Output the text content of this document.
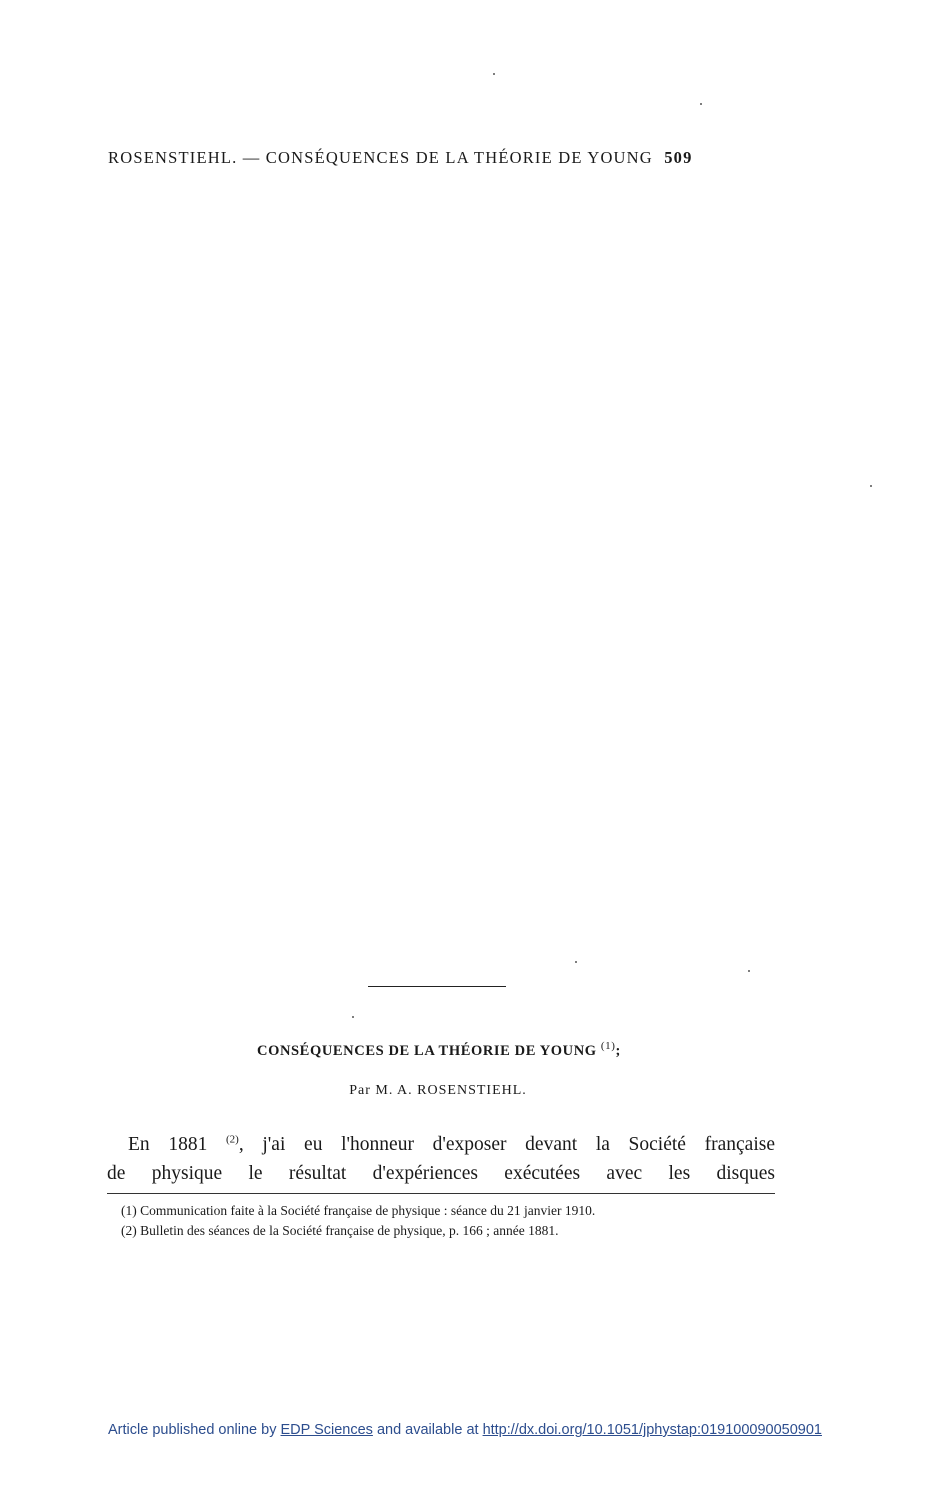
ROSENSTIEHL. — CONSÉQUENCES DE LA THÉORIE DE YOUNG 509
CONSÉQUENCES DE LA THÉORIE DE YOUNG $^{(1)}$;
Par M. A. ROSENSTIEHL.
En 1881 $^{(2)}$, j'ai eu l'honneur d'exposer devant la Société française
de physique le résultat d'expériences exécutées avec les disques
(1) Communication faite à la Société française de physique : séance du 21 janvier 1910.
(2) Bulletin des séances de la Société française de physique, p. 166 ; année 1881.
Article published online by EDP Sciences and available at http://dx.doi.org/10.1051/jphystap:019100090050901
